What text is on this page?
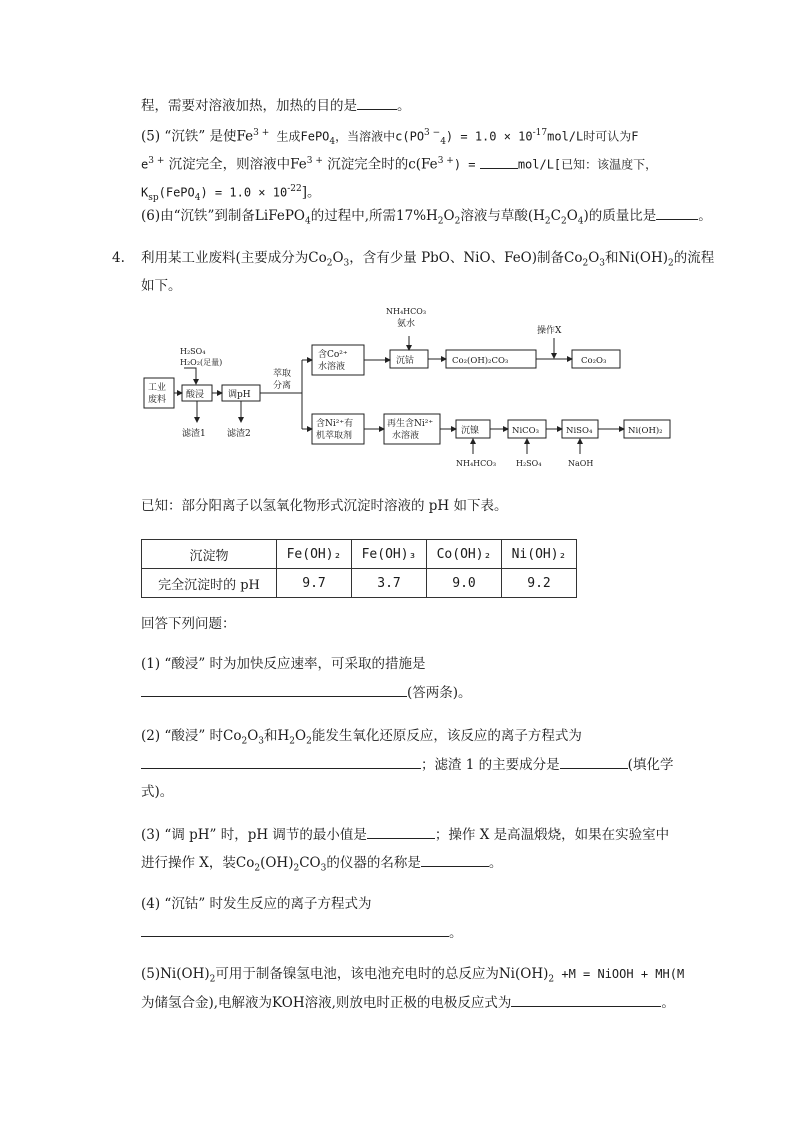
程，需要对溶液加热，加热的目的是	。
(5) “沉铁” 是使$Fe^{3 +}$ 生成FePO$_4$，当溶液中$c(PO^{3 -}_4) = 1.0 \times 10^{-17}mol/L$时可认为F
$e^{3 +}$ 沉淀完全，则溶液中$Fe^{3 +}$ 沉淀完全时的$c(Fe^{3 +})$ =	mol/L[已知：该温度下，
$K_{sp}(FePO_4) = 1.0 \times 10^{-22}$]。
(6)由“沉铁”到制备LiFePO$_4$的过程中,所需$17\%H_2O_2$溶液与草酸$(H_2C_2O_4)$的质量比是	。
4. 利用某工业废料(主要成分为$Co_2O_3$，含有少量 PbO、NiO、FeO)制备$Co_2O_3$和$Ni(OH)_2$的流程
如下。
工业
废料
H₂SO₄
H₂O₂(足量)
酸浸
滤渣1
调pH
滤渣2
萃取
分离
含Co²⁺
水溶液
NH₄HCO₃
氨水
沉钴	Co₂(OH)₂CO₃
操作X
Co₂O₃
含Ni²⁺有
机萃取剂
再生含Ni²⁺
水溶液	沉镍
NH₄HCO₃
NiCO₃
H₂SO₄
NiSO₄
NaOH
Ni(OH)₂
已知：部分阳离子以氢氧化物形式沉淀时溶液的 pH 如下表。
沉淀物	Fe(OH)₂	Fe(OH)₃	Co(OH)₂	Ni(OH)₂
完全沉淀时的 pH	9.7	3.7	9.0	9.2
回答下列问题：
(1) “酸浸” 时为加快反应速率，可采取的措施是
(答两条)。
(2) “酸浸” 时$Co_2O_3$和$H_2O_2$能发生氧化还原反应，该反应的离子方程式为
；滤渣 1 的主要成分是	(填化学
式)。
(3) “调 pH” 时，pH 调节的最小值是	；操作 X 是高温煅烧，如果在实验室中
进行操作 X，装$Co_2(OH)_2CO_3$的仪器的名称是	。
(4) “沉钴” 时发生反应的离子方程式为
。
$(5)Ni(OH)_2$可用于制备镍氢电池，该电池充电时的总反应为$Ni(OH)_2 +M$ = NiOOH + MH(M
为储氢合金),电解液为KOH溶液,则放电时正极的电极反应式为	。
